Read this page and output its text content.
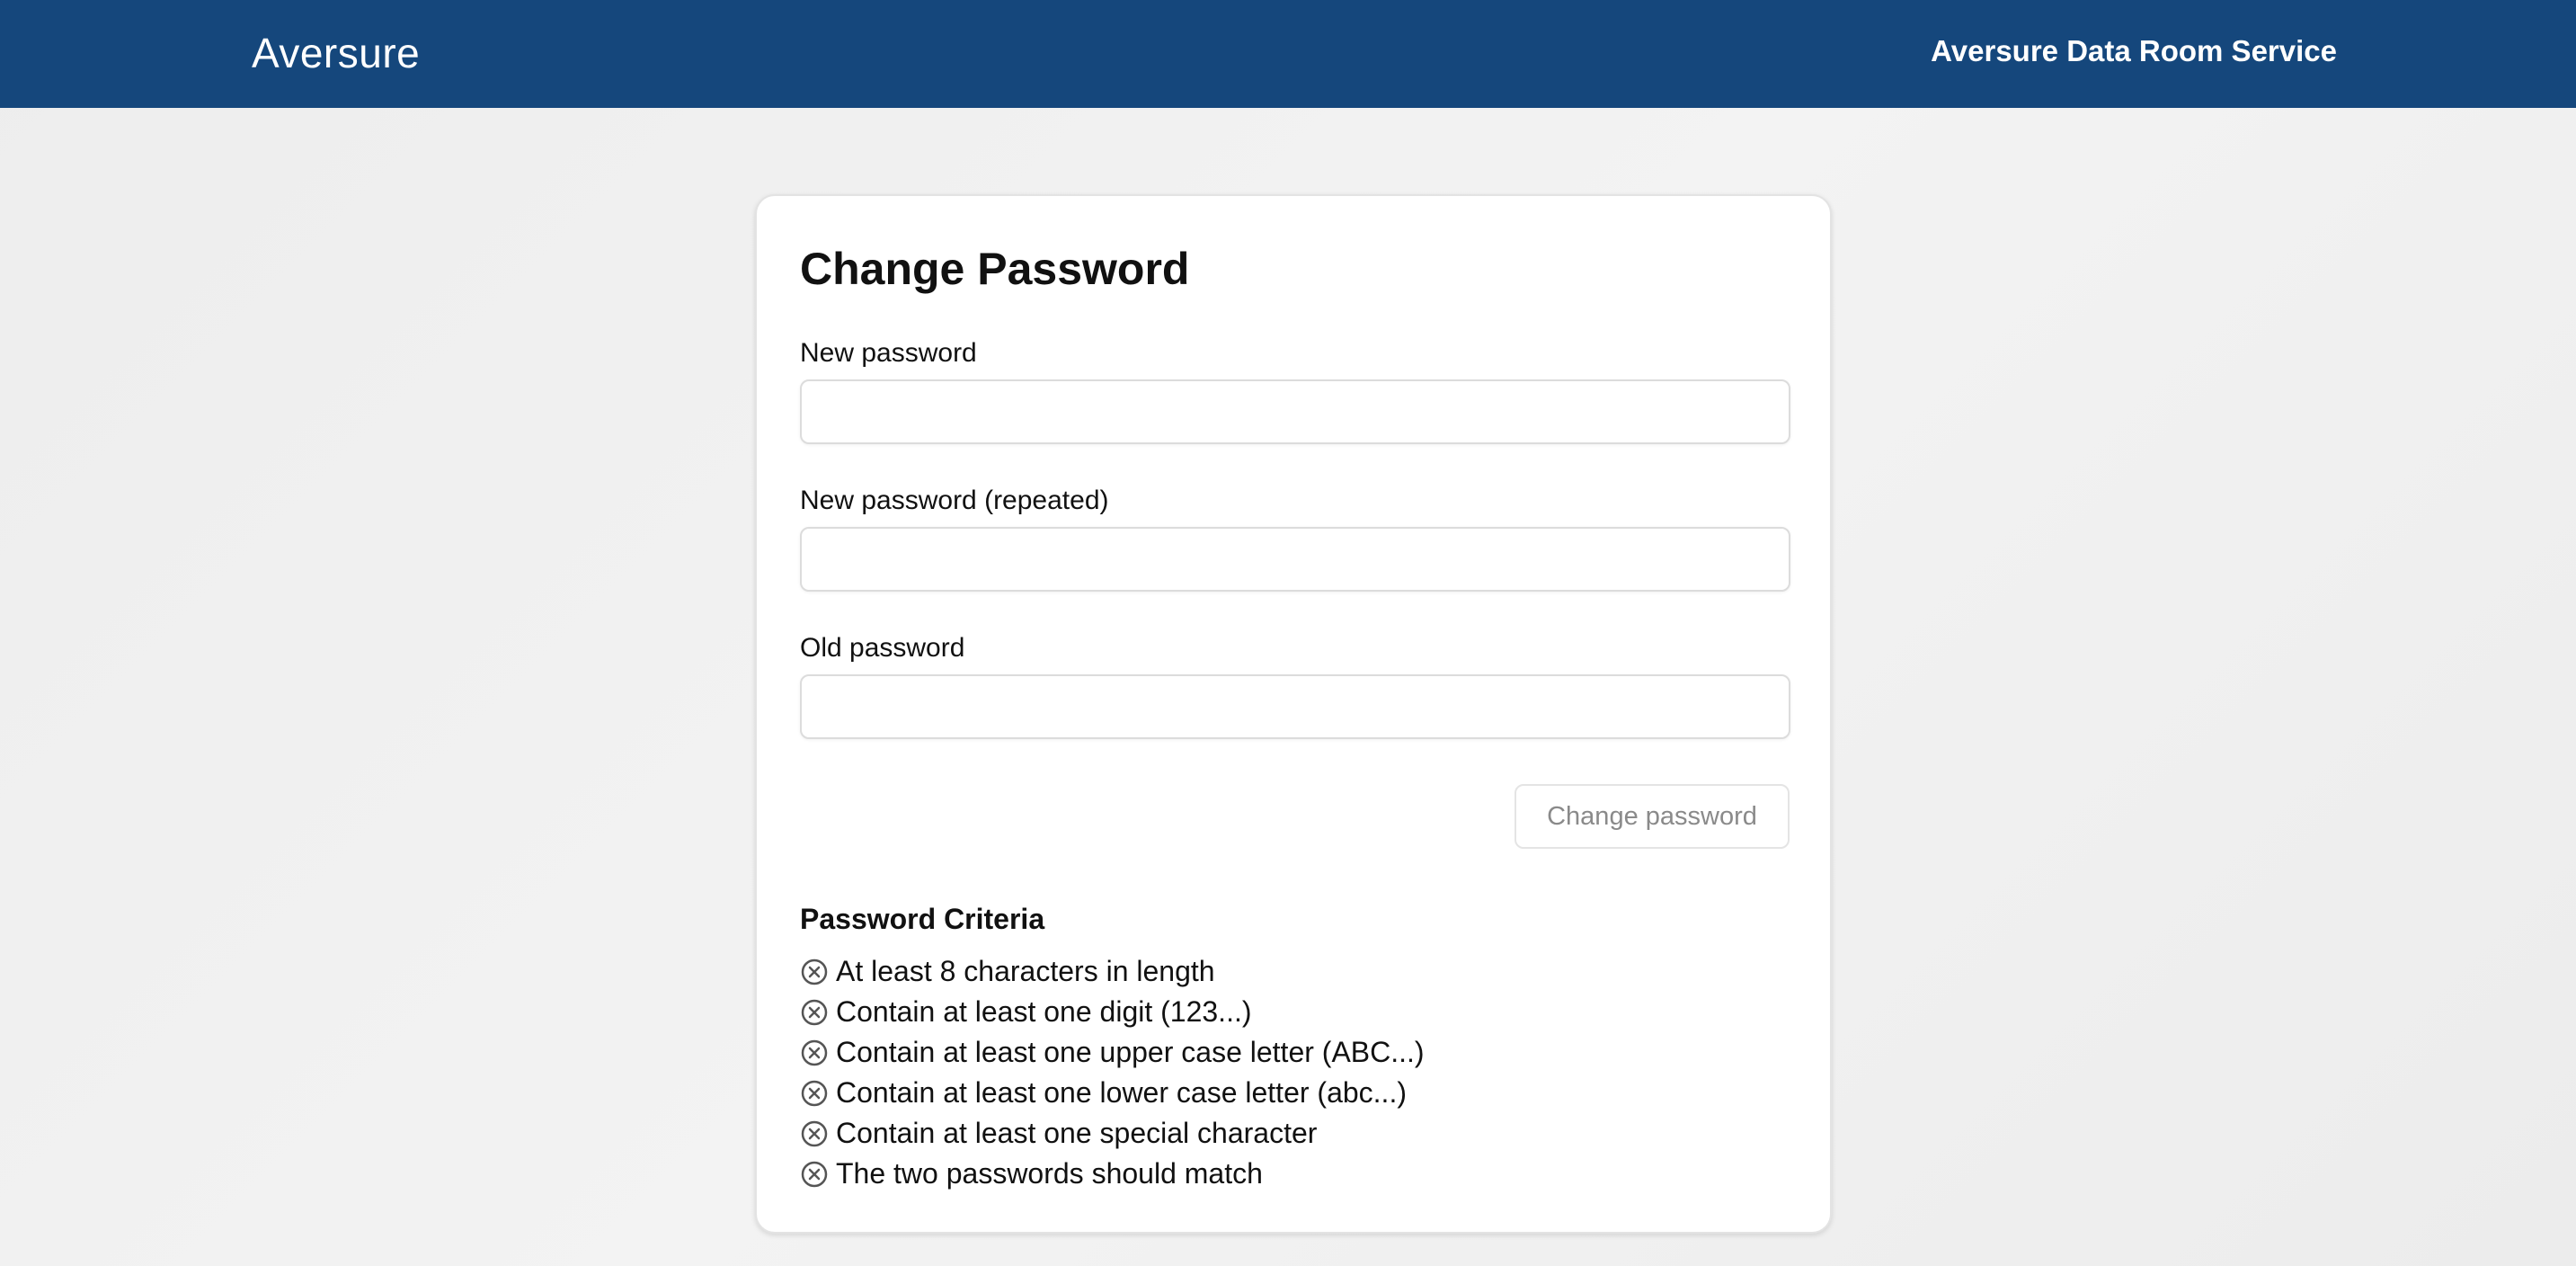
Aversure	Aversure Data Room Service
Change Password
New password
New password (repeated)
Old password
Change password
Password Criteria
At least 8 characters in length
Contain at least one digit (123...)
Contain at least one upper case letter (ABC...)
Contain at least one lower case letter (abc...)
Contain at least one special character
The two passwords should match
